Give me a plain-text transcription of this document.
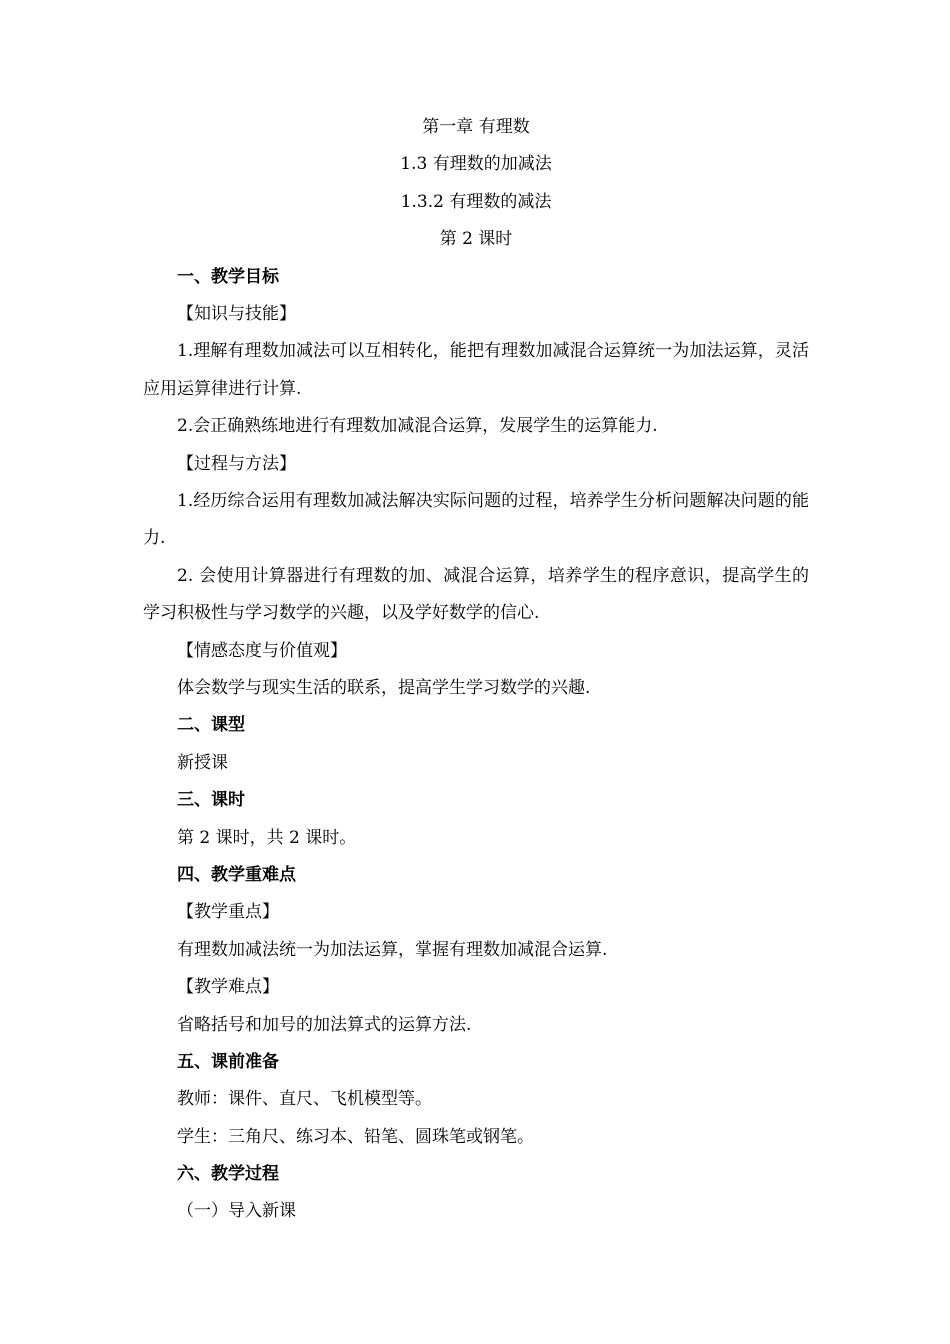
第一章 有理数
1.3 有理数的加减法
1.3.2 有理数的减法
第 2 课时
一、教学目标
【知识与技能】
1.理解有理数加减法可以互相转化，能把有理数加减混合运算统一为加法运算，灵活应用运算律进行计算.
2.会正确熟练地进行有理数加减混合运算，发展学生的运算能力.
【过程与方法】
1.经历综合运用有理数加减法解决实际问题的过程，培养学生分析问题解决问题的能力.
2. 会使用计算器进行有理数的加、减混合运算，培养学生的程序意识，提高学生的学习积极性与学习数学的兴趣，以及学好数学的信心.
【情感态度与价值观】
体会数学与现实生活的联系，提高学生学习数学的兴趣.
二、课型
新授课
三、课时
第 2 课时，共 2 课时。
四、教学重难点
【教学重点】
有理数加减法统一为加法运算，掌握有理数加减混合运算.
【教学难点】
省略括号和加号的加法算式的运算方法.
五、课前准备
教师：课件、直尺、飞机模型等。
学生：三角尺、练习本、铅笔、圆珠笔或钢笔。
六、教学过程
（一）导入新课
